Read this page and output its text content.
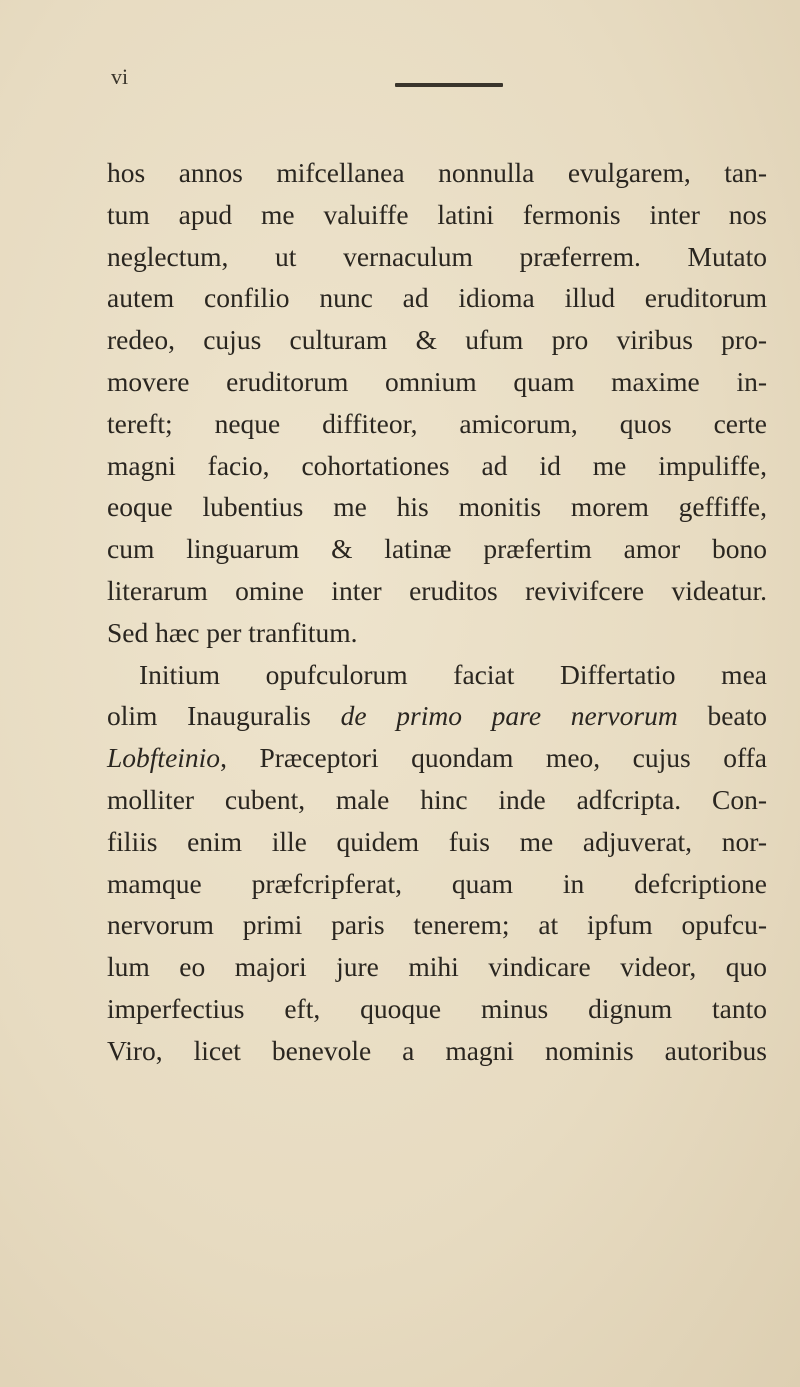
vi
hos annos mifcellanea nonnulla evulgarem, tan-
tum apud me valuiffe latini fermonis inter nos
neglectum, ut vernaculum præferrem. Mutato
autem confilio nunc ad idioma illud eruditorum
redeo, cujus culturam & ufum pro viribus pro-
movere eruditorum omnium quam maxime in-
tereft; neque diffiteor, amicorum, quos certe
magni facio, cohortationes ad id me impuliffe,
eoque lubentius me his monitis morem geffiffe,
cum linguarum & latinæ præfertim amor bono
literarum omine inter eruditos revivifcere videatur.
Sed hæc per tranfitum.
Initium opufculorum faciat Differtatio mea
olim Inauguralis de primo pare nervorum beato
Lobfteinio, Præceptori quondam meo, cujus offa
molliter cubent, male hinc inde adfcripta. Con-
filiis enim ille quidem fuis me adjuverat, nor-
mamque præfcripferat, quam in defcriptione
nervorum primi paris tenerem; at ipfum opufcu-
lum eo majori jure mihi vindicare videor, quo
imperfectius eft, quoque minus dignum tanto
Viro, licet benevole a magni nominis autoribus
